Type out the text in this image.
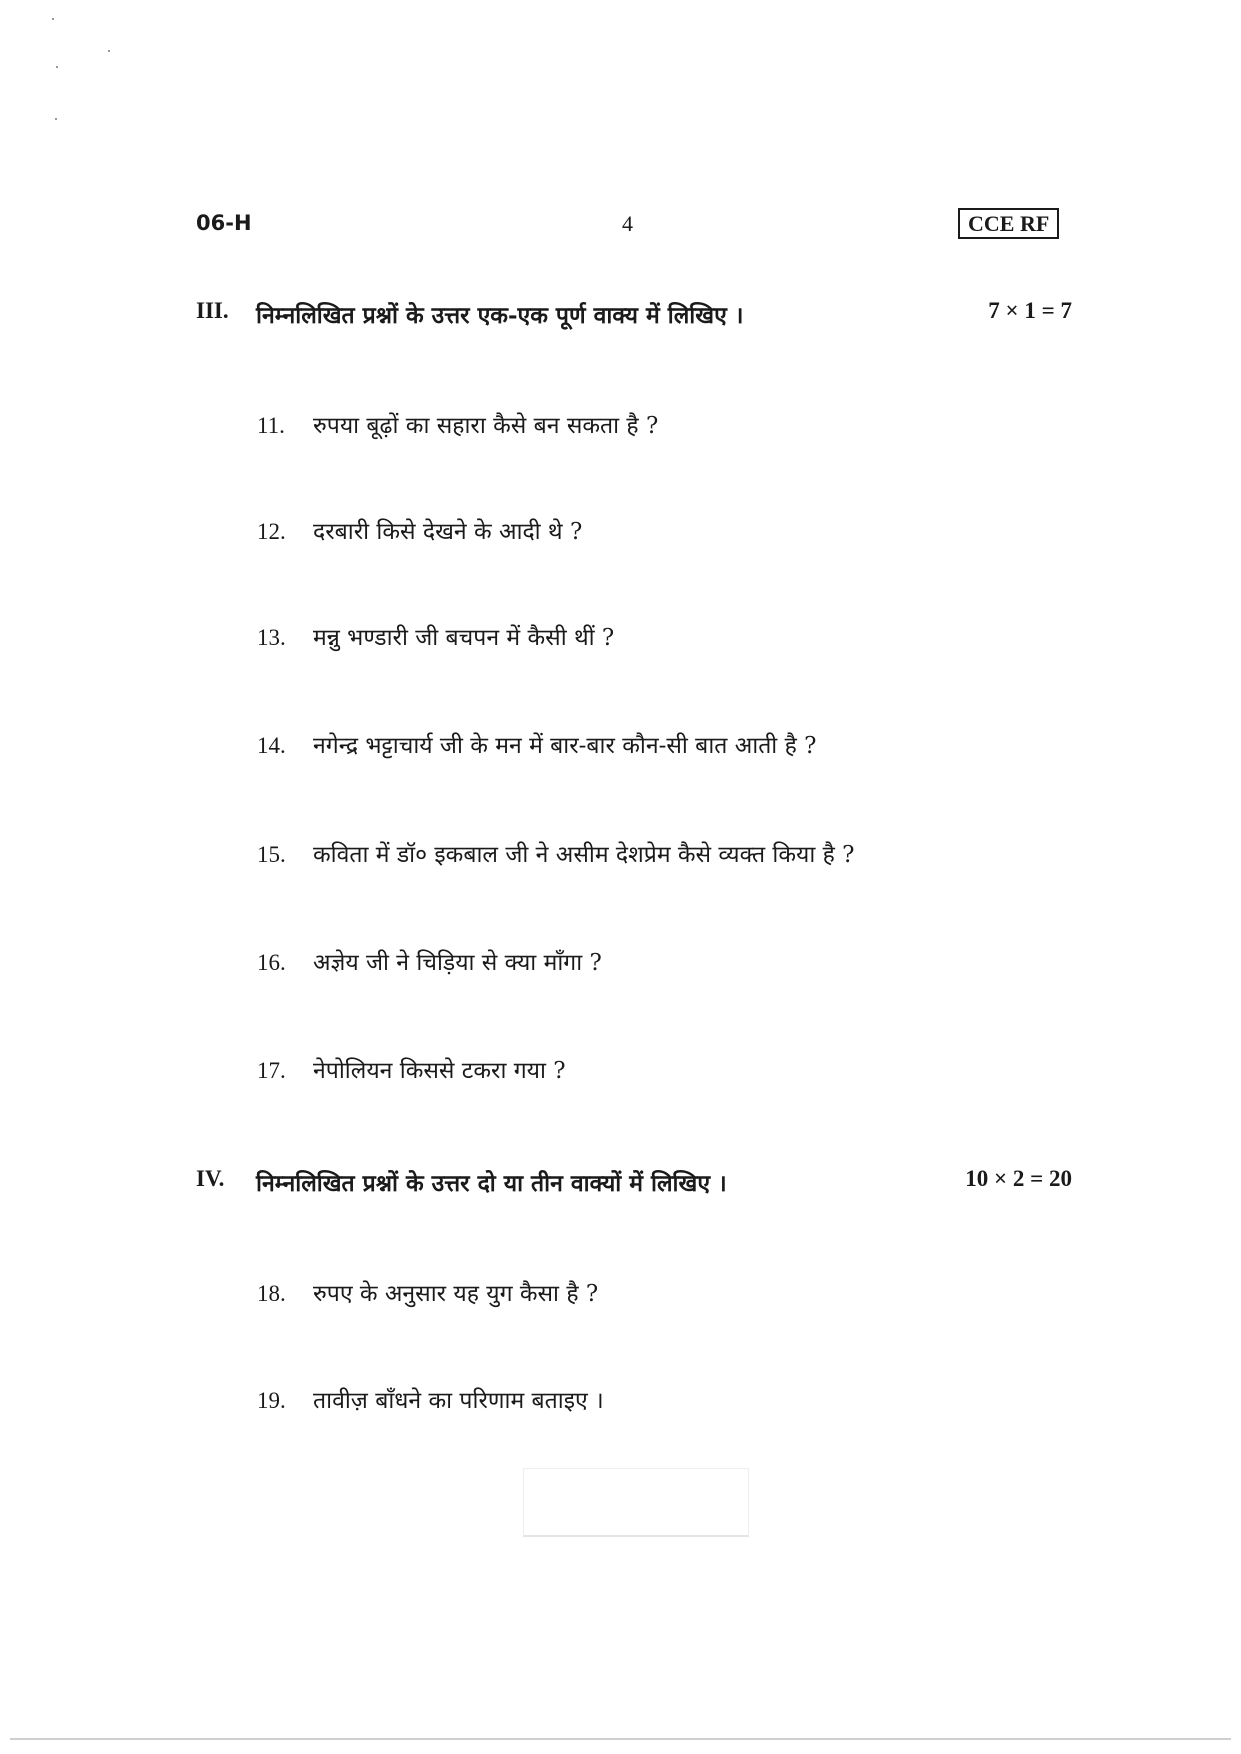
06-H	4	CCE RF
III. निम्नलिखित प्रश्नों के उत्तर एक-एक पूर्ण वाक्य में लिखिए ।	7 × 1 = 7
11. रुपया बूढ़ों का सहारा कैसे बन सकता है ?
12. दरबारी किसे देखने के आदी थे ?
13. मन्नु भण्डारी जी बचपन में कैसी थीं ?
14. नगेन्द्र भट्टाचार्य जी के मन में बार-बार कौन-सी बात आती है ?
15. कविता में डॉ० इकबाल जी ने असीम देशप्रेम कैसे व्यक्त किया है ?
16. अज्ञेय जी ने चिड़िया से क्या माँगा ?
17. नेपोलियन किससे टकरा गया ?
IV. निम्नलिखित प्रश्नों के उत्तर दो या तीन वाक्यों में लिखिए ।	10 × 2 = 20
18. रुपए के अनुसार यह युग कैसा है ?
19. तावीज़ बाँधने का परिणाम बताइए ।
